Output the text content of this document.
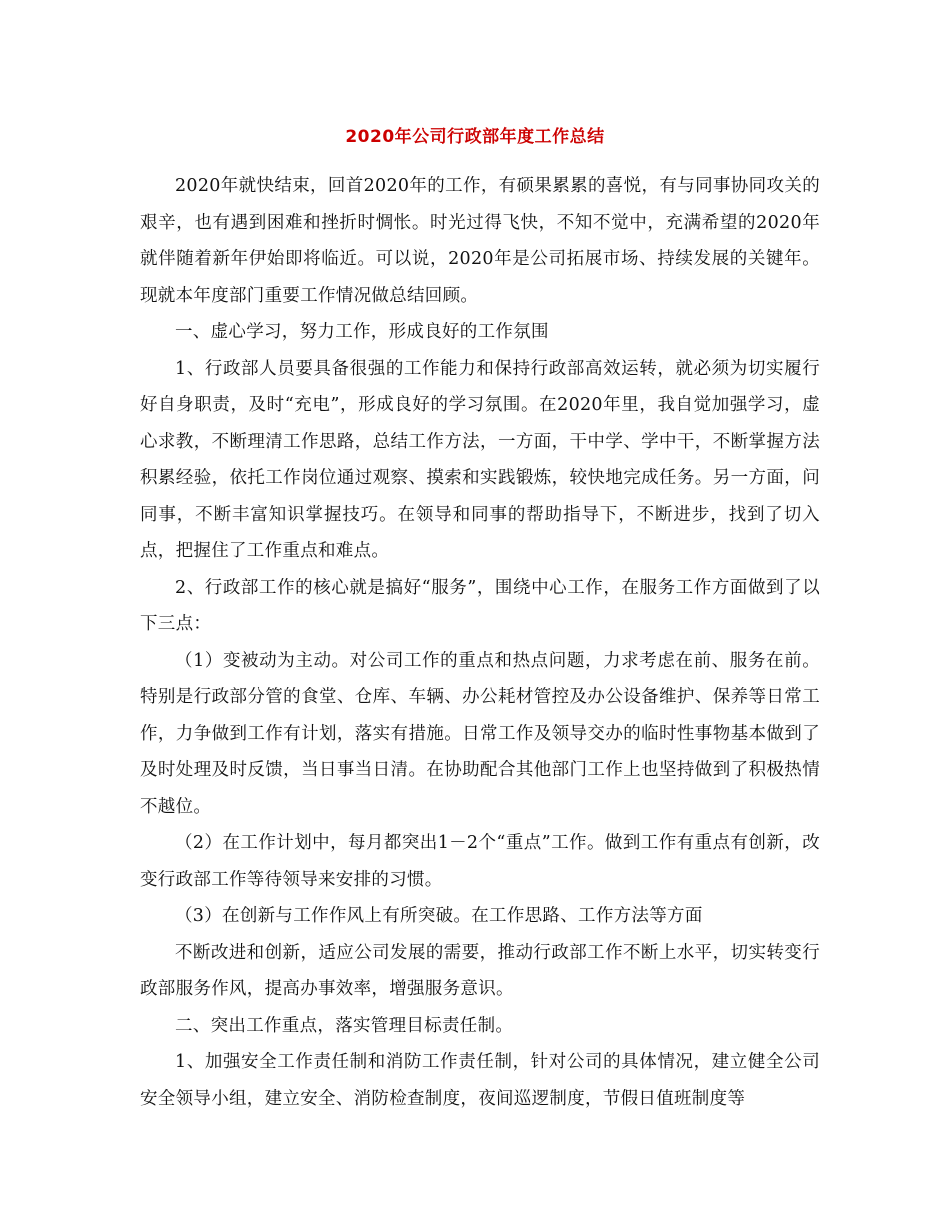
2020年公司行政部年度工作总结

2020年就快结束，回首2020年的工作，有硕果累累的喜悦，有与同事协同攻关的艰辛，也有遇到困难和挫折时惆怅。时光过得飞快，不知不觉中，充满希望的2020年就伴随着新年伊始即将临近。可以说，2020年是公司拓展市场、持续发展的关键年。现就本年度部门重要工作情况做总结回顾。

一、虚心学习，努力工作，形成良好的工作氛围

1、行政部人员要具备很强的工作能力和保持行政部高效运转，就必须为切实履行好自身职责，及时“充电”，形成良好的学习氛围。在2020年里，我自觉加强学习，虚心求教，不断理清工作思路，总结工作方法，一方面，干中学、学中干，不断掌握方法积累经验，依托工作岗位通过观察、摸索和实践锻炼，较快地完成任务。另一方面，问同事，不断丰富知识掌握技巧。在领导和同事的帮助指导下，不断进步，找到了切入点，把握住了工作重点和难点。

2、行政部工作的核心就是搞好“服务”，围绕中心工作，在服务工作方面做到了以下三点：

（1）变被动为主动。对公司工作的重点和热点问题，力求考虑在前、服务在前。特别是行政部分管的食堂、仓库、车辆、办公耗材管控及办公设备维护、保养等日常工作，力争做到工作有计划，落实有措施。日常工作及领导交办的临时性事物基本做到了及时处理及时反馈，当日事当日清。在协助配合其他部门工作上也坚持做到了积极热情不越位。

（2）在工作计划中，每月都突出1－2个“重点”工作。做到工作有重点有创新，改变行政部工作等待领导来安排的习惯。

（3）在创新与工作作风上有所突破。在工作思路、工作方法等方面

不断改进和创新，适应公司发展的需要，推动行政部工作不断上水平，切实转变行政部服务作风，提高办事效率，增强服务意识。

二、突出工作重点，落实管理目标责任制。

1、加强安全工作责任制和消防工作责任制，针对公司的具体情况，建立健全公司安全领导小组，建立安全、消防检查制度，夜间巡逻制度，节假日值班制度等
